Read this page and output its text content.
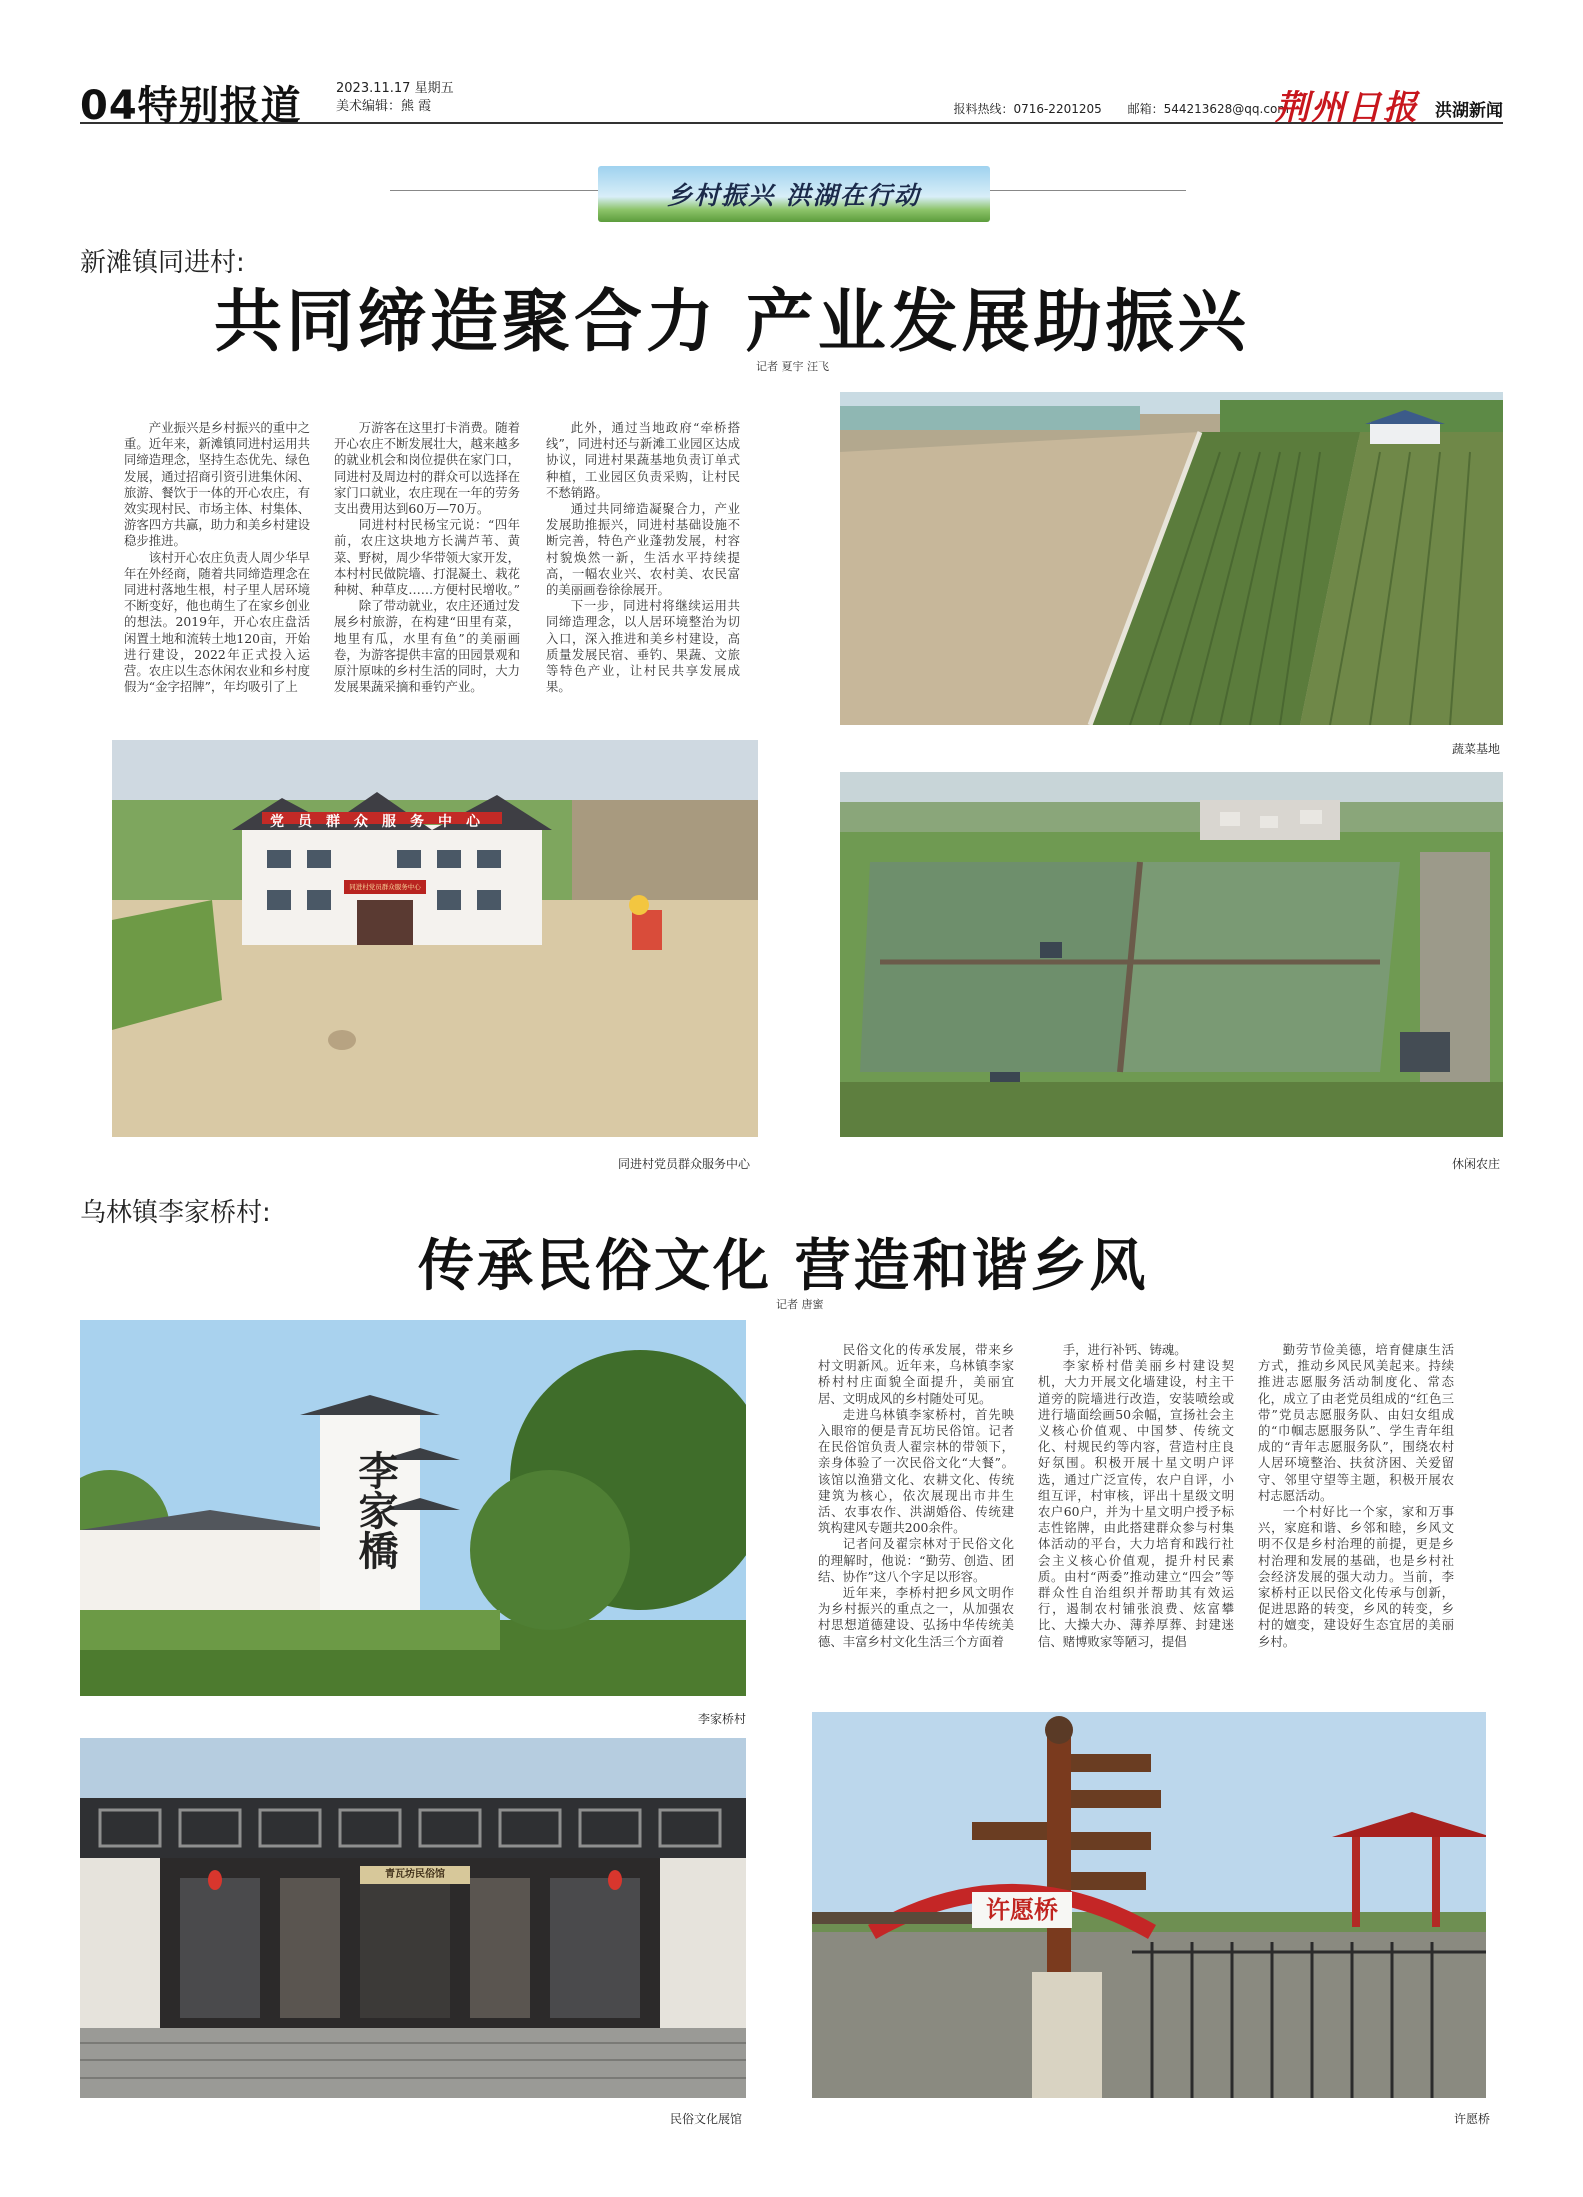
04特别报道	2023.11.17 星期五
美术编辑：熊 霞	报料热线：0716-2201205 邮箱：544213628@qq.com
荆州日报 洪湖新闻
乡村振兴 洪湖在行动
新滩镇同进村:
共同缔造聚合力 产业发展助振兴
记者 夏宇 汪飞

产业振兴是乡村振兴的重中之重。近年来，新滩镇同进村运用共同缔造理念，坚持生态优先、绿色发展，通过招商引资引进集休闲、旅游、餐饮于一体的开心农庄，有效实现村民、市场主体、村集体、游客四方共赢，助力和美乡村建设稳步推进。

该村开心农庄负责人周少华早年在外经商，随着共同缔造理念在同进村落地生根，村子里人居环境不断变好，他也萌生了在家乡创业的想法。2019年，开心农庄盘活闲置土地和流转土地120亩，开始进行建设，2022年正式投入运营。农庄以生态休闲农业和乡村度假为“金字招牌”，年均吸引了上

万游客在这里打卡消费。随着开心农庄不断发展壮大，越来越多的就业机会和岗位提供在家门口，同进村及周边村的群众可以选择在家门口就业，农庄现在一年的劳务支出费用达到60万—70万。

同进村村民杨宝元说：“四年前，农庄这块地方长满芦苇、黄菜、野树，周少华带领大家开发，本村村民做院墙、打混凝土、栽花种树、种草皮……方便村民增收。”

除了带动就业，农庄还通过发展乡村旅游，在构建“田里有菜，地里有瓜，水里有鱼”的美丽画卷，为游客提供丰富的田园景观和原汁原味的乡村生活的同时，大力发展果蔬采摘和垂钓产业。

此外，通过当地政府“牵桥搭线”，同进村还与新滩工业园区达成协议，同进村果蔬基地负责订单式种植，工业园区负责采购，让村民不愁销路。

通过共同缔造凝聚合力，产业发展助推振兴，同进村基础设施不断完善，特色产业蓬勃发展，村容村貌焕然一新，生活水平持续提高，一幅农业兴、农村美、农民富的美丽画卷徐徐展开。

下一步，同进村将继续运用共同缔造理念，以人居环境整治为切入口，深入推进和美乡村建设，高质量发展民宿、垂钓、果蔬、文旅等特色产业，让村民共享发展成果。

蔬菜基地
党员群众服务中心
同进村党员群众服务中心
同进村党员群众服务中心	休闲农庄
乌林镇李家桥村:
传承民俗文化 营造和谐乡风
记者 唐蜜
李家橋
李家桥村

民俗文化的传承发展，带来乡村文明新风。近年来，乌林镇李家桥村村庄面貌全面提升，美丽宜居、文明成风的乡村随处可见。

走进乌林镇李家桥村，首先映入眼帘的便是青瓦坊民俗馆。记者在民俗馆负责人翟宗林的带领下，亲身体验了一次民俗文化“大餐”。该馆以渔猎文化、农耕文化、传统建筑为核心，依次展现出市井生活、农事农作、洪湖婚俗、传统建筑构建风专题共200余件。

记者问及翟宗林对于民俗文化的理解时，他说：“勤劳、创造、团结、协作”这八个字足以形容。

近年来，李桥村把乡风文明作为乡村振兴的重点之一，从加强农村思想道德建设、弘扬中华传统美德、丰富乡村文化生活三个方面着

手，进行补钙、铸魂。

李家桥村借美丽乡村建设契机，大力开展文化墙建设，村主干道旁的院墙进行改造，安装喷绘或进行墙面绘画50余幅，宣扬社会主义核心价值观、中国梦、传统文化、村规民约等内容，营造村庄良好氛围。积极开展十星文明户评选，通过广泛宣传，农户自评，小组互评，村审核，评出十星级文明农户60户，并为十星文明户授予标志性铭牌，由此搭建群众参与村集体活动的平台，大力培育和践行社会主义核心价值观，提升村民素质。由村“两委”推动建立“四会”等群众性自治组织并帮助其有效运行，遏制农村铺张浪费、炫富攀比、大操大办、薄养厚葬、封建迷信、赌博败家等陋习，提倡

勤劳节俭美德，培育健康生活方式，推动乡风民风美起来。持续推进志愿服务活动制度化、常态化，成立了由老党员组成的“红色三带”党员志愿服务队、由妇女组成的“巾帼志愿服务队”、学生青年组成的“青年志愿服务队”，围绕农村人居环境整治、扶贫济困、关爱留守、邻里守望等主题，积极开展农村志愿活动。

一个村好比一个家，家和万事兴，家庭和谐、乡邻和睦，乡风文明不仅是乡村治理的前提，更是乡村治理和发展的基础，也是乡村社会经济发展的强大动力。当前，李家桥村正以民俗文化传承与创新，促进思路的转变，乡风的转变，乡村的嬗变，建设好生态宜居的美丽乡村。

青瓦坊民俗馆
民俗文化展馆
许愿桥
许愿桥
